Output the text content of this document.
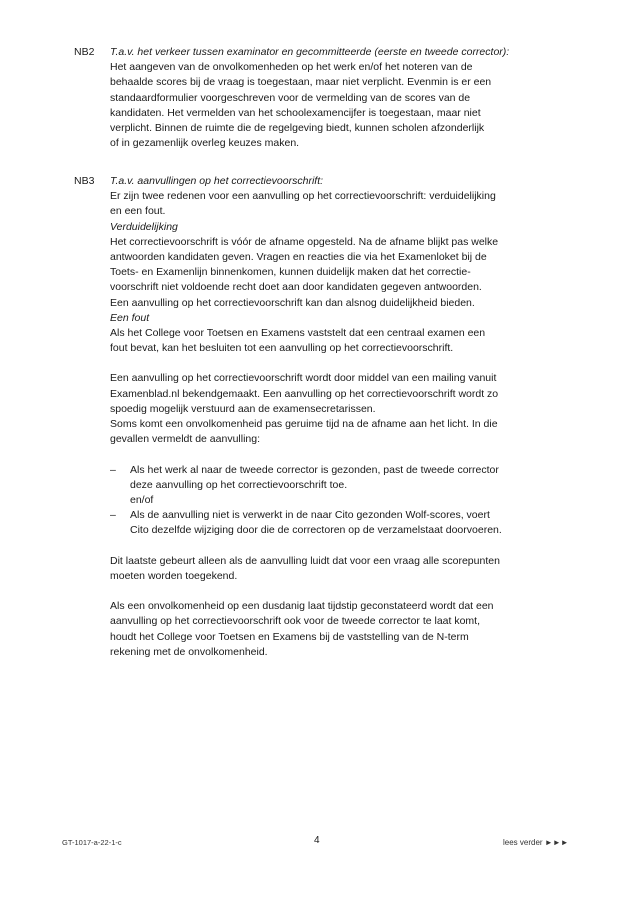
NB2 T.a.v. het verkeer tussen examinator en gecommitteerde (eerste en tweede corrector):
Het aangeven van de onvolkomenheden op het werk en/of het noteren van de
behaalde scores bij de vraag is toegestaan, maar niet verplicht. Evenmin is er een
standaardformulier voorgeschreven voor de vermelding van de scores van de
kandidaten. Het vermelden van het schoolexamencijfer is toegestaan, maar niet
verplicht. Binnen de ruimte die de regelgeving biedt, kunnen scholen afzonderlijk
of in gezamenlijk overleg keuzes maken.
NB3 T.a.v. aanvullingen op het correctievoorschrift:
Er zijn twee redenen voor een aanvulling op het correctievoorschrift: verduidelijking
en een fout.
Verduidelijking
Het correctievoorschrift is vóór de afname opgesteld. Na de afname blijkt pas welke
antwoorden kandidaten geven. Vragen en reacties die via het Examenloket bij de
Toets- en Examenlijn binnenkomen, kunnen duidelijk maken dat het correctie-
voorschrift niet voldoende recht doet aan door kandidaten gegeven antwoorden.
Een aanvulling op het correctievoorschrift kan dan alsnog duidelijkheid bieden.
Een fout
Als het College voor Toetsen en Examens vaststelt dat een centraal examen een
fout bevat, kan het besluiten tot een aanvulling op het correctievoorschrift.
Een aanvulling op het correctievoorschrift wordt door middel van een mailing vanuit
Examenblad.nl bekendgemaakt. Een aanvulling op het correctievoorschrift wordt zo
spoedig mogelijk verstuurd aan de examensecretarissen.
Soms komt een onvolkomenheid pas geruime tijd na de afname aan het licht. In die
gevallen vermeldt de aanvulling:
– Als het werk al naar de tweede corrector is gezonden, past de tweede corrector
deze aanvulling op het correctievoorschrift toe.
en/of
– Als de aanvulling niet is verwerkt in de naar Cito gezonden Wolf-scores, voert
Cito dezelfde wijziging door die de correctoren op de verzamelstaat doorvoeren.
Dit laatste gebeurt alleen als de aanvulling luidt dat voor een vraag alle scorepunten
moeten worden toegekend.
Als een onvolkomenheid op een dusdanig laat tijdstip geconstateerd wordt dat een
aanvulling op het correctievoorschrift ook voor de tweede corrector te laat komt,
houdt het College voor Toetsen en Examens bij de vaststelling van de N-term
rekening met de onvolkomenheid.
GT-1017-a-22-1-c	4	lees verder ►►►
